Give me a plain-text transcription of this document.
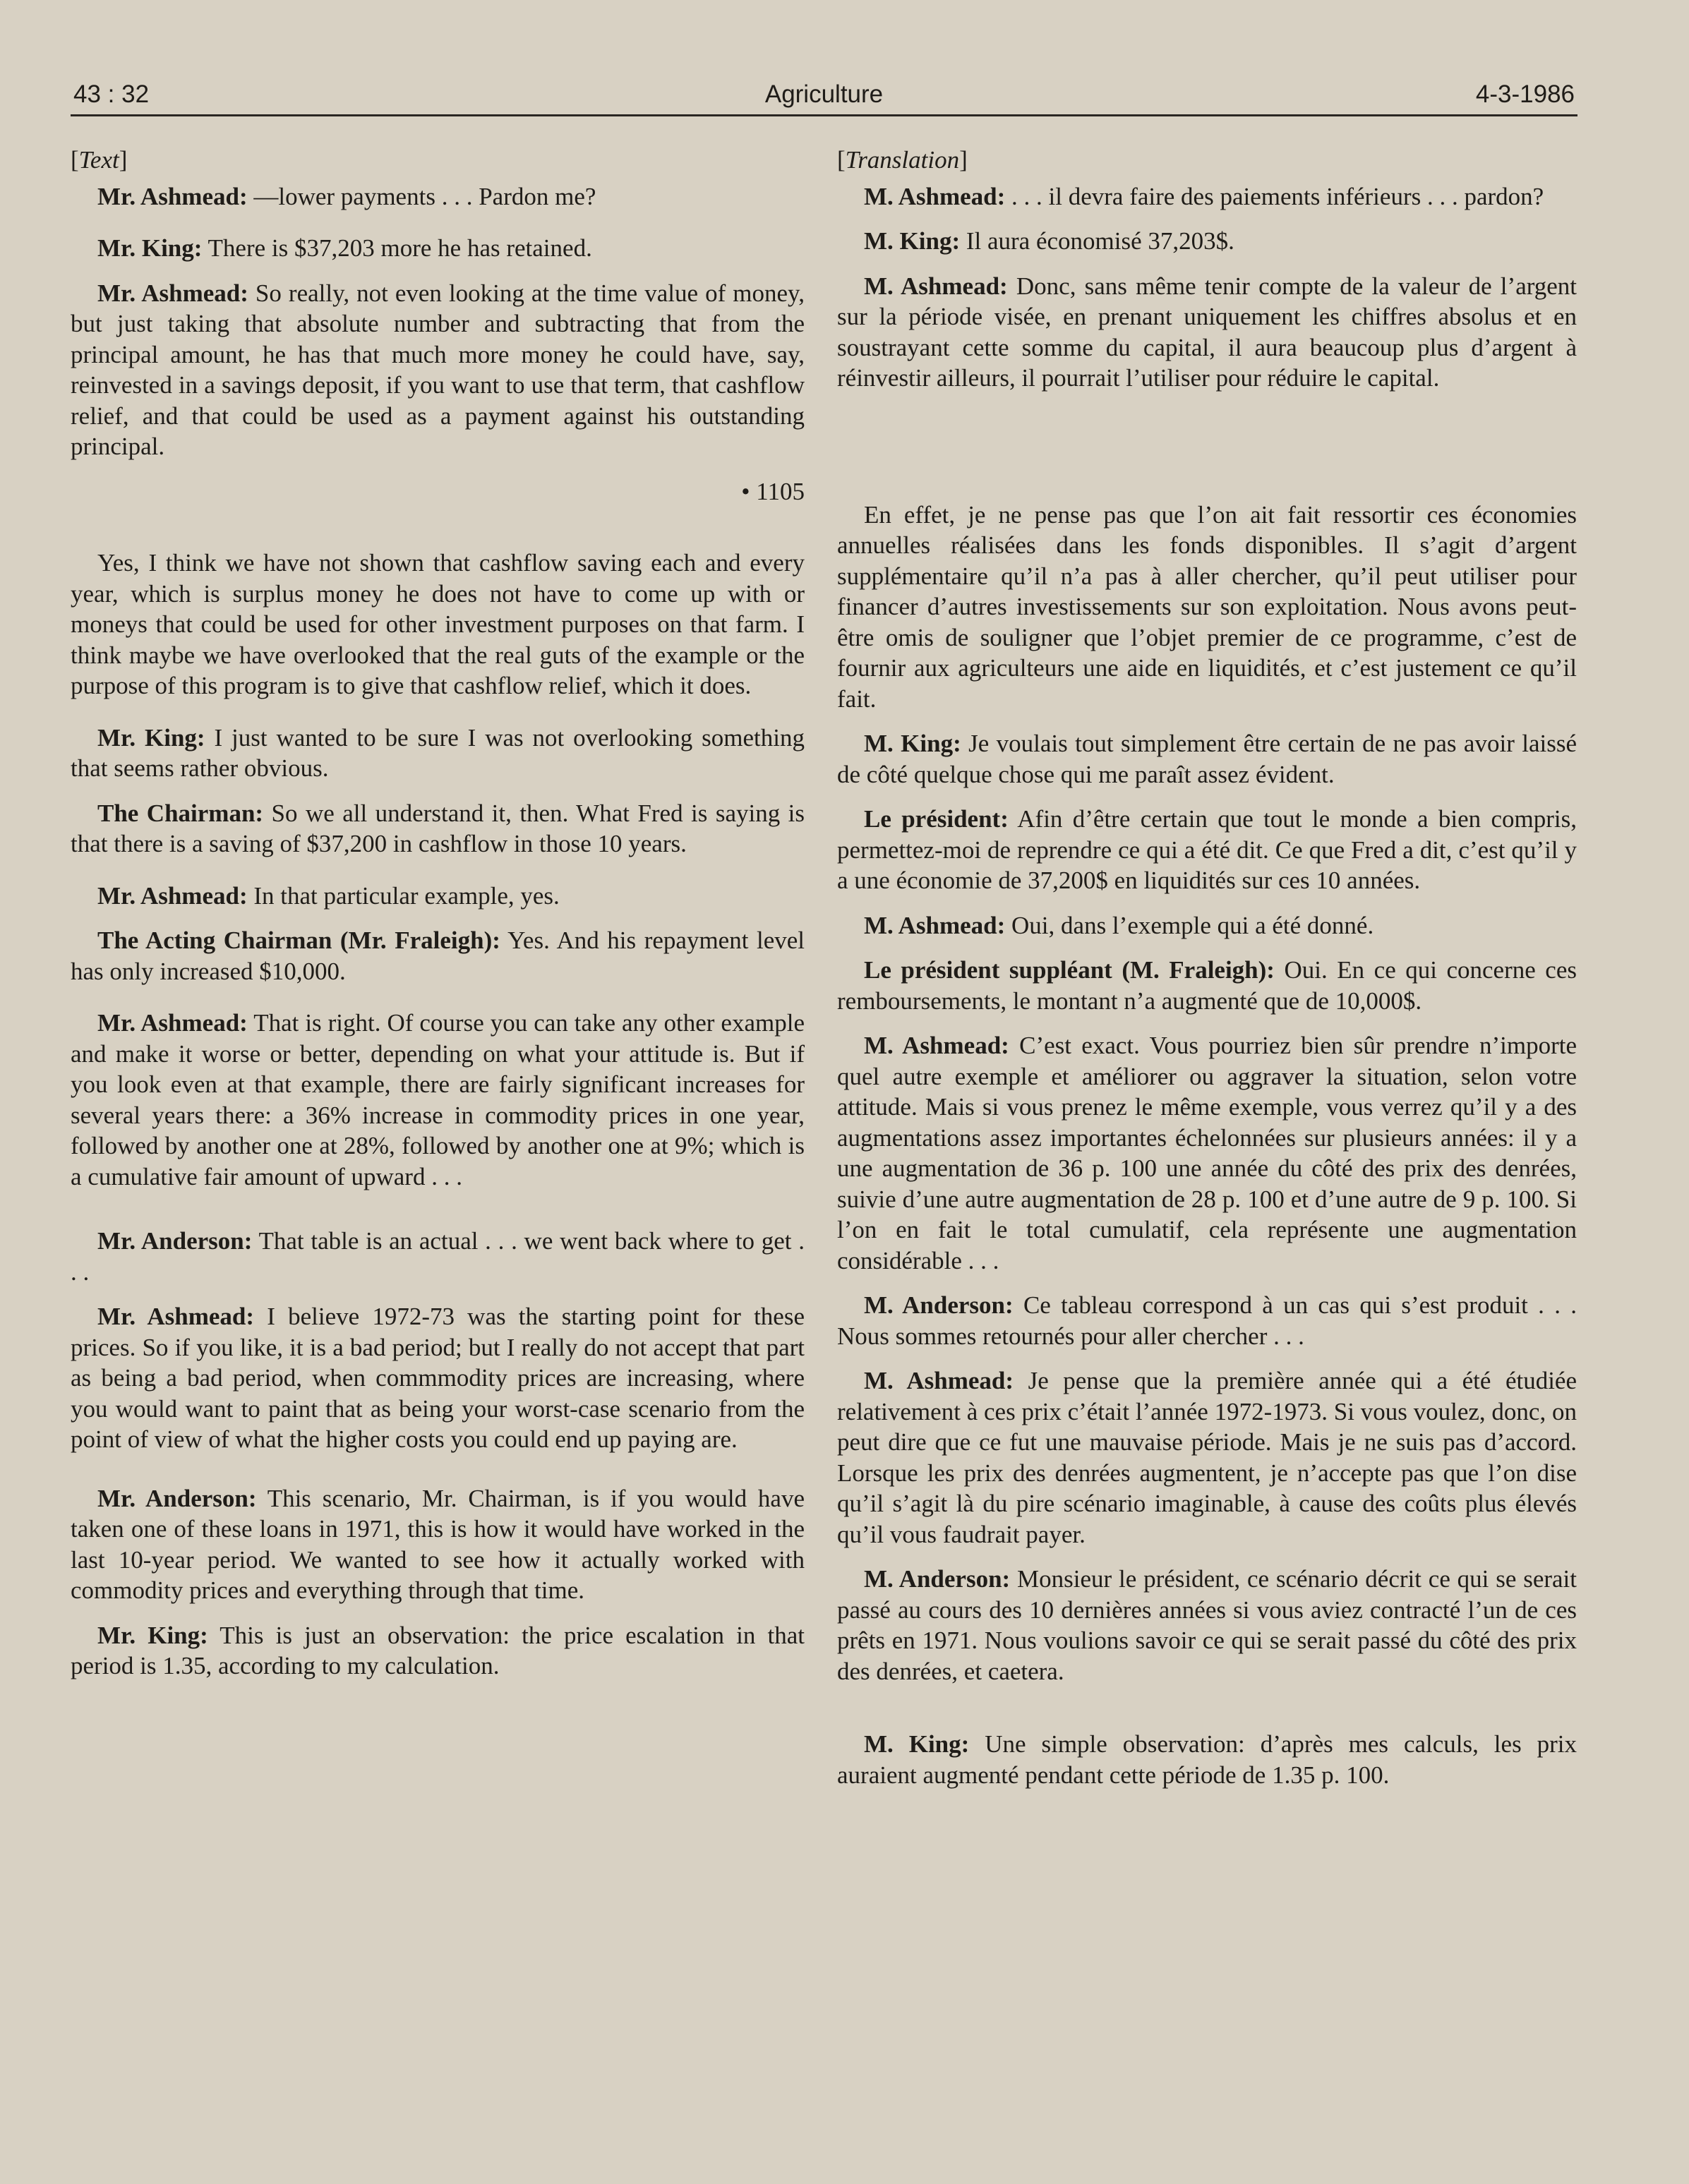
43 : 32	Agriculture	4-3-1986

[Text]

Mr. Ashmead: —lower payments . . . Pardon me?

Mr. King: There is $37,203 more he has retained.

Mr. Ashmead: So really, not even looking at the time value of money, but just taking that absolute number and subtracting that from the principal amount, he has that much more money he could have, say, reinvested in a savings deposit, if you want to use that term, that cashflow relief, and that could be used as a payment against his outstanding principal.

• 1105

Yes, I think we have not shown that cashflow saving each and every year, which is surplus money he does not have to come up with or moneys that could be used for other investment purposes on that farm. I think maybe we have overlooked that the real guts of the example or the purpose of this program is to give that cashflow relief, which it does.

Mr. King: I just wanted to be sure I was not overlooking something that seems rather obvious.

The Chairman: So we all understand it, then. What Fred is saying is that there is a saving of $37,200 in cashflow in those 10 years.

Mr. Ashmead: In that particular example, yes.

The Acting Chairman (Mr. Fraleigh): Yes. And his repayment level has only increased $10,000.

Mr. Ashmead: That is right. Of course you can take any other example and make it worse or better, depending on what your attitude is. But if you look even at that example, there are fairly significant increases for several years there: a 36% increase in commodity prices in one year, followed by another one at 28%, followed by another one at 9%; which is a cumulative fair amount of upward . . .

Mr. Anderson: That table is an actual . . . we went back where to get . . .

Mr. Ashmead: I believe 1972-73 was the starting point for these prices. So if you like, it is a bad period; but I really do not accept that part as being a bad period, when commmodity prices are increasing, where you would want to paint that as being your worst-case scenario from the point of view of what the higher costs you could end up paying are.

Mr. Anderson: This scenario, Mr. Chairman, is if you would have taken one of these loans in 1971, this is how it would have worked in the last 10-year period. We wanted to see how it actually worked with commodity prices and everything through that time.

Mr. King: This is just an observation: the price escalation in that period is 1.35, according to my calculation.

[Translation]

M. Ashmead: . . . il devra faire des paiements inférieurs . . . pardon?

M. King: Il aura économisé 37,203$.

M. Ashmead: Donc, sans même tenir compte de la valeur de l’argent sur la période visée, en prenant uniquement les chiffres absolus et en soustrayant cette somme du capital, il aura beaucoup plus d’argent à réinvestir ailleurs, il pourrait l’utiliser pour réduire le capital.

En effet, je ne pense pas que l’on ait fait ressortir ces économies annuelles réalisées dans les fonds disponibles. Il s’agit d’argent supplémentaire qu’il n’a pas à aller chercher, qu’il peut utiliser pour financer d’autres investissements sur son exploitation. Nous avons peut-être omis de souligner que l’objet premier de ce programme, c’est de fournir aux agriculteurs une aide en liquidités, et c’est justement ce qu’il fait.

M. King: Je voulais tout simplement être certain de ne pas avoir laissé de côté quelque chose qui me paraît assez évident.

Le président: Afin d’être certain que tout le monde a bien compris, permettez-moi de reprendre ce qui a été dit. Ce que Fred a dit, c’est qu’il y a une économie de 37,200$ en liquidités sur ces 10 années.

M. Ashmead: Oui, dans l’exemple qui a été donné.

Le président suppléant (M. Fraleigh): Oui. En ce qui concerne ces remboursements, le montant n’a augmenté que de 10,000$.

M. Ashmead: C’est exact. Vous pourriez bien sûr prendre n’importe quel autre exemple et améliorer ou aggraver la situation, selon votre attitude. Mais si vous prenez le même exemple, vous verrez qu’il y a des augmentations assez importantes échelonnées sur plusieurs années: il y a une augmentation de 36 p. 100 une année du côté des prix des denrées, suivie d’une autre augmentation de 28 p. 100 et d’une autre de 9 p. 100. Si l’on en fait le total cumulatif, cela représente une augmentation considérable . . .

M. Anderson: Ce tableau correspond à un cas qui s’est produit . . . Nous sommes retournés pour aller chercher . . .

M. Ashmead: Je pense que la première année qui a été étudiée relativement à ces prix c’était l’année 1972-1973. Si vous voulez, donc, on peut dire que ce fut une mauvaise période. Mais je ne suis pas d’accord. Lorsque les prix des denrées augmentent, je n’accepte pas que l’on dise qu’il s’agit là du pire scénario imaginable, à cause des coûts plus élevés qu’il vous faudrait payer.

M. Anderson: Monsieur le président, ce scénario décrit ce qui se serait passé au cours des 10 dernières années si vous aviez contracté l’un de ces prêts en 1971. Nous voulions savoir ce qui se serait passé du côté des prix des denrées, et caetera.

M. King: Une simple observation: d’après mes calculs, les prix auraient augmenté pendant cette période de 1.35 p. 100.
